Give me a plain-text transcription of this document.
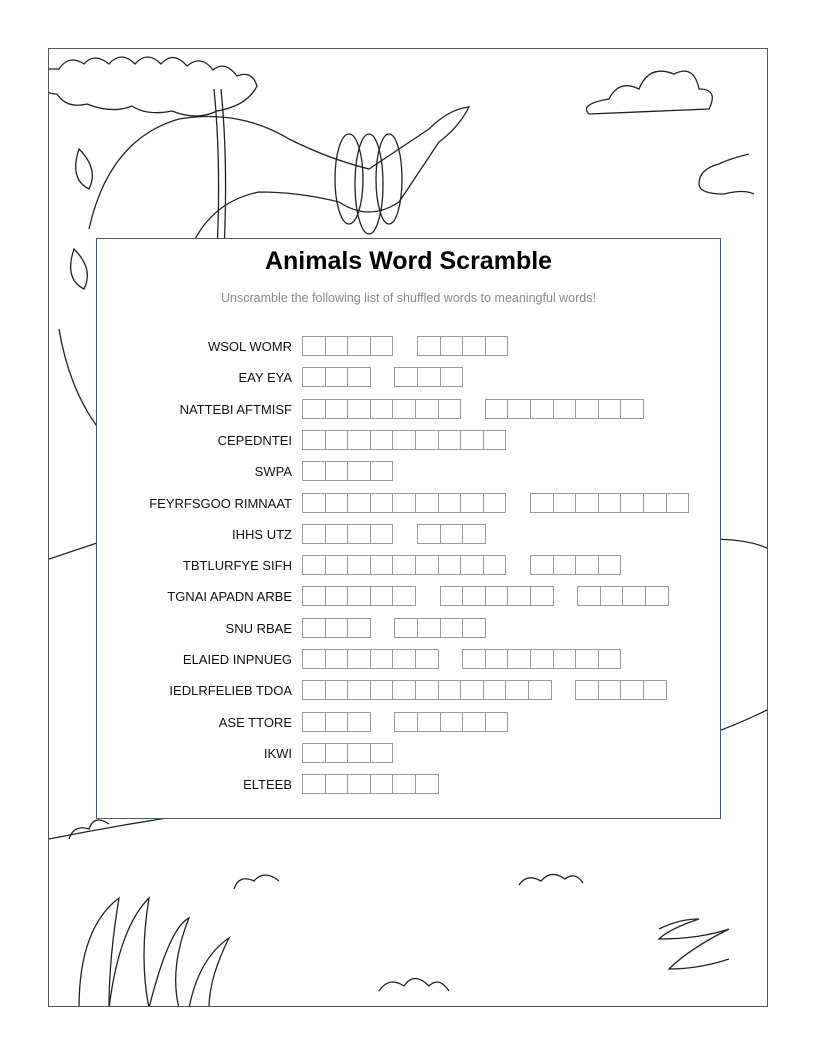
Animals Word Scramble
Unscramble the following list of shuffled words to meaningful words!
WSOL WOMR
EAY EYA
NATTEBI AFTMISF
CEPEDNTEI
SWPA
FEYRFSGOO RIMNAAT
IHHS UTZ
TBTLURFYE SIFH
TGNAI APADN ARBE
SNU RBAE
ELAIED INPNUEG
IEDLRFELIEB TDOA
ASE TTORE
IKWI
ELTEEB
